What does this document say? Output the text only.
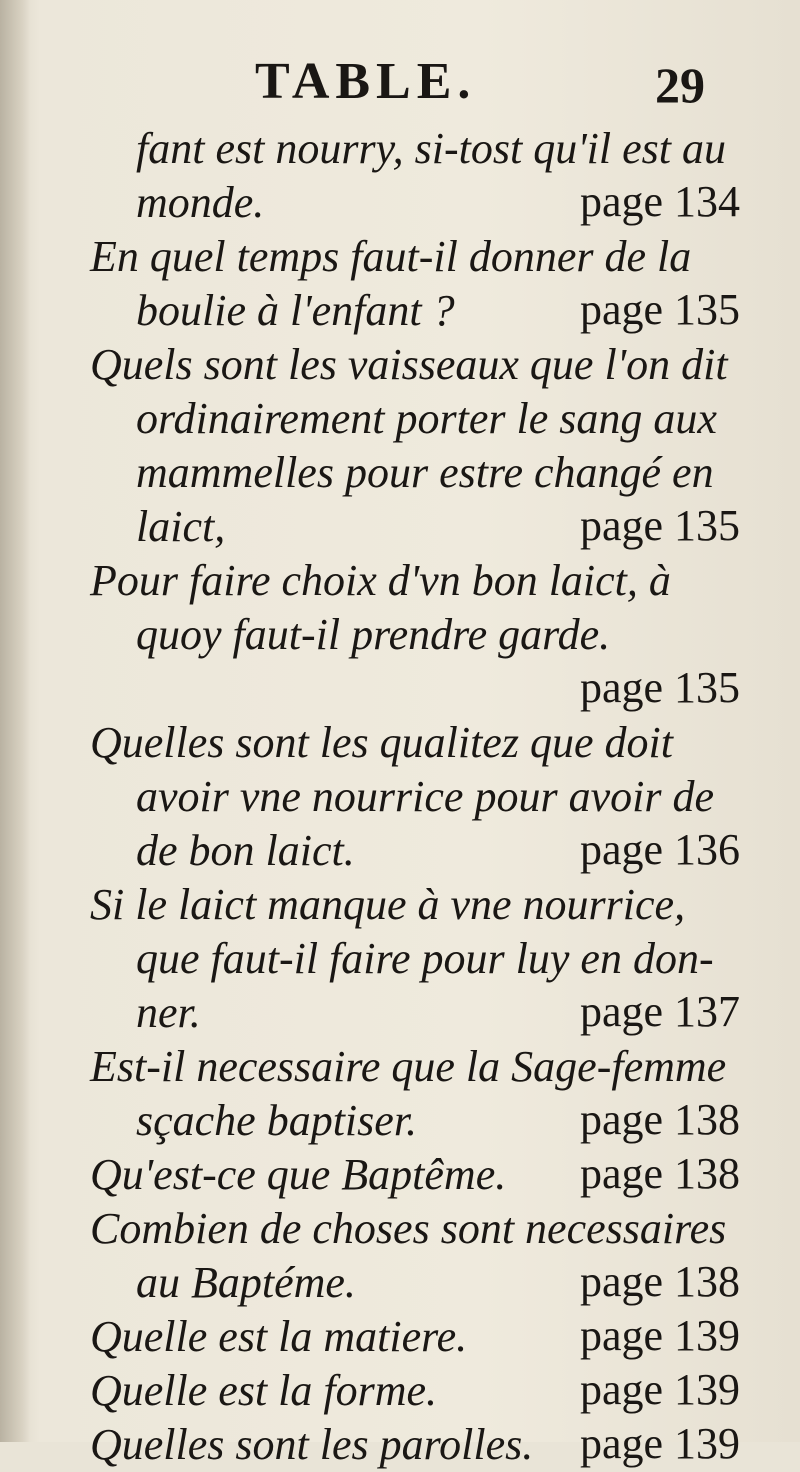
TABLE.	29
fant est nourry, si-tost qu'il est au
monde.	page 134
En quel temps faut-il donner de la
boulie à l'enfant ?	page 135
Quels sont les vaisseaux que l'on dit
ordinairement porter le sang aux
mammelles pour estre changé en
laict,	page 135
Pour faire choix d'vn bon laict, à
quoy faut-il prendre garde.
page 135
Quelles sont les qualitez que doit
avoir vne nourrice pour avoir de
de bon laict.	page 136
Si le laict manque à vne nourrice,
que faut-il faire pour luy en don-
ner.	page 137
Est-il necessaire que la Sage-femme
sçache baptiser.	page 138
Qu'est-ce que Baptême.	page 138
Combien de choses sont necessaires
au Baptéme.	page 138
Quelle est la matiere.	page 139
Quelle est la forme.	page 139
Quelles sont les parolles.	page 139
